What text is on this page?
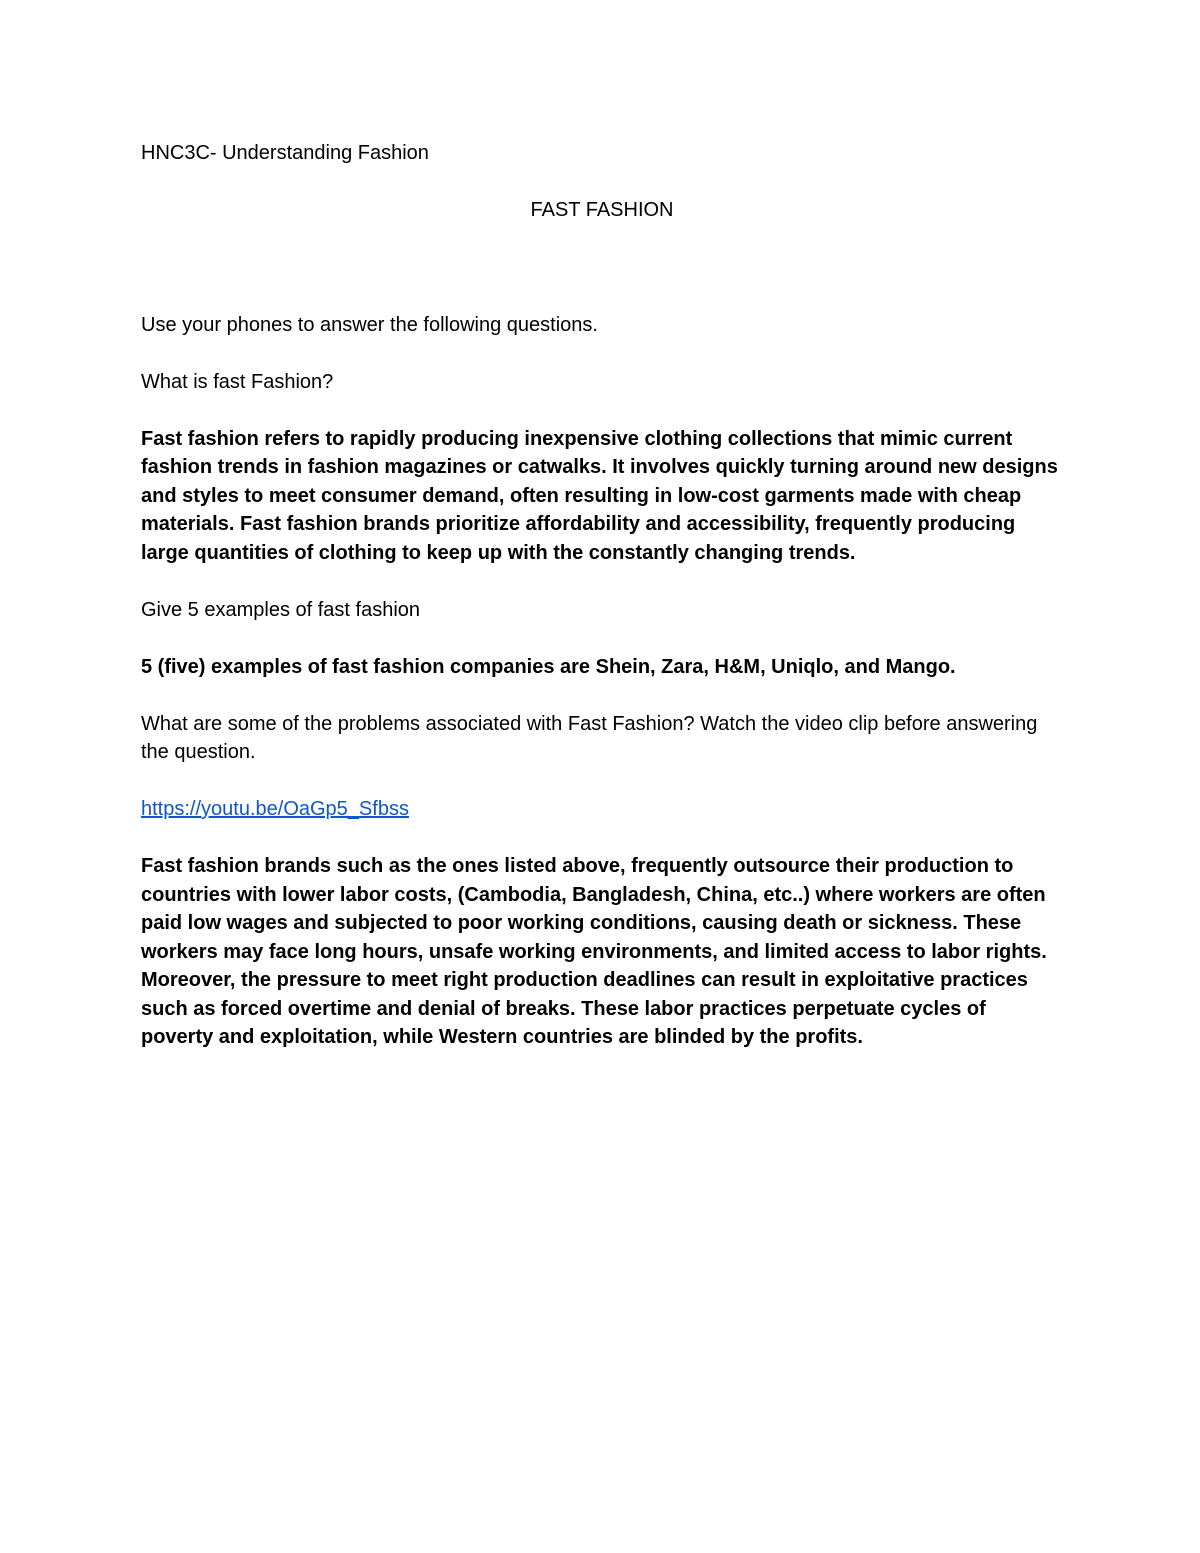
HNC3C- Understanding Fashion

FAST FASHION

Use your phones to answer the following questions.

What is fast Fashion?

Fast fashion refers to rapidly producing inexpensive clothing collections that mimic current fashion trends in fashion magazines or catwalks. It involves quickly turning around new designs and styles to meet consumer demand, often resulting in low-cost garments made with cheap materials. Fast fashion brands prioritize affordability and accessibility, frequently producing large quantities of clothing to keep up with the constantly changing trends.

Give 5 examples of fast fashion

5 (five) examples of fast fashion companies are Shein, Zara, H&M, Uniqlo, and Mango.

What are some of the problems associated with Fast Fashion? Watch the video clip before answering the question.

https://youtu.be/OaGp5_Sfbss

Fast fashion brands such as the ones listed above, frequently outsource their production to countries with lower labor costs, (Cambodia, Bangladesh, China, etc..) where workers are often paid low wages and subjected to poor working conditions, causing death or sickness. These workers may face long hours, unsafe working environments, and limited access to labor rights. Moreover, the pressure to meet right production deadlines can result in exploitative practices such as forced overtime and denial of breaks. These labor practices perpetuate cycles of poverty and exploitation, while Western countries are blinded by the profits.
